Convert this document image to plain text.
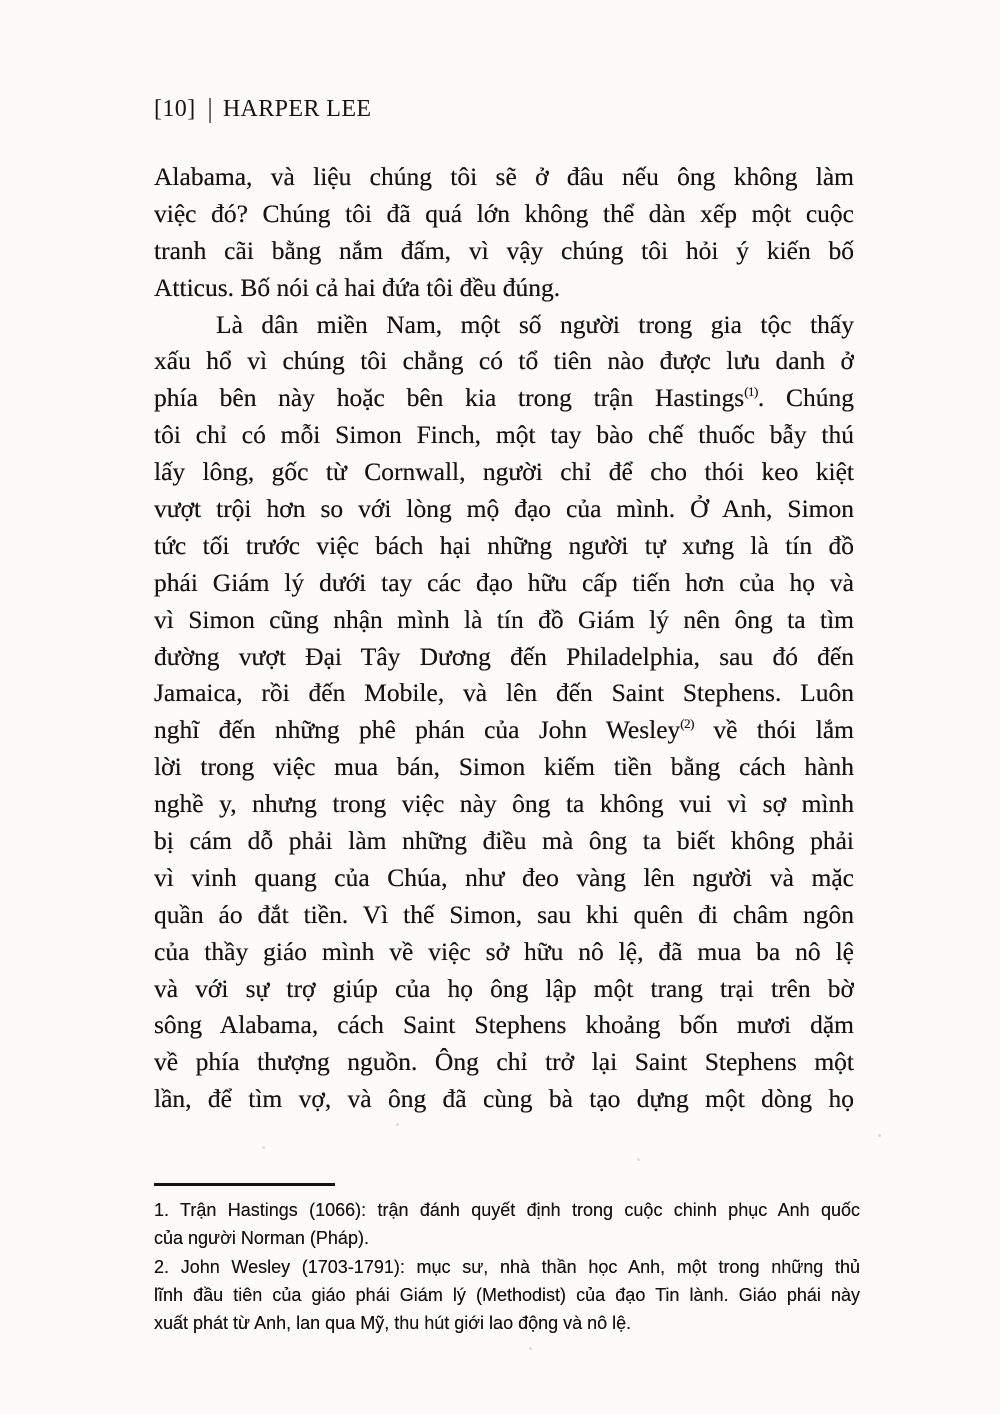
[10] | HARPER LEE
Alabama, và liệu chúng tôi sẽ ở đâu nếu ông không làm
việc đó? Chúng tôi đã quá lớn không thể dàn xếp một cuộc
tranh cãi bằng nắm đấm, vì vậy chúng tôi hỏi ý kiến bố
Atticus. Bố nói cả hai đứa tôi đều đúng.
Là dân miền Nam, một số người trong gia tộc thấy
xấu hổ vì chúng tôi chẳng có tổ tiên nào được lưu danh ở
phía bên này hoặc bên kia trong trận Hastings$^{(1)}$. Chúng
tôi chỉ có mỗi Simon Finch, một tay bào chế thuốc bẫy thú
lấy lông, gốc từ Cornwall, người chỉ để cho thói keo kiệt
vượt trội hơn so với lòng mộ đạo của mình. Ở Anh, Simon
tức tối trước việc bách hại những người tự xưng là tín đồ
phái Giám lý dưới tay các đạo hữu cấp tiến hơn của họ và
vì Simon cũng nhận mình là tín đồ Giám lý nên ông ta tìm
đường vượt Đại Tây Dương đến Philadelphia, sau đó đến
Jamaica, rồi đến Mobile, và lên đến Saint Stephens. Luôn
nghĩ đến những phê phán của John Wesley$^{(2)}$ về thói lắm
lời trong việc mua bán, Simon kiếm tiền bằng cách hành
nghề y, nhưng trong việc này ông ta không vui vì sợ mình
bị cám dỗ phải làm những điều mà ông ta biết không phải
vì vinh quang của Chúa, như đeo vàng lên người và mặc
quần áo đắt tiền. Vì thế Simon, sau khi quên đi châm ngôn
của thầy giáo mình về việc sở hữu nô lệ, đã mua ba nô lệ
và với sự trợ giúp của họ ông lập một trang trại trên bờ
sông Alabama, cách Saint Stephens khoảng bốn mươi dặm
về phía thượng nguồn. Ông chỉ trở lại Saint Stephens một
lần, để tìm vợ, và ông đã cùng bà tạo dựng một dòng họ
1. Trận Hastings (1066): trận đánh quyết định trong cuộc chinh phục Anh quốc
của người Norman (Pháp).
2. John Wesley (1703-1791): mục sư, nhà thần học Anh, một trong những thủ
lĩnh đầu tiên của giáo phái Giám lý (Methodist) của đạo Tin lành. Giáo phái này
xuất phát từ Anh, lan qua Mỹ, thu hút giới lao động và nô lệ.
